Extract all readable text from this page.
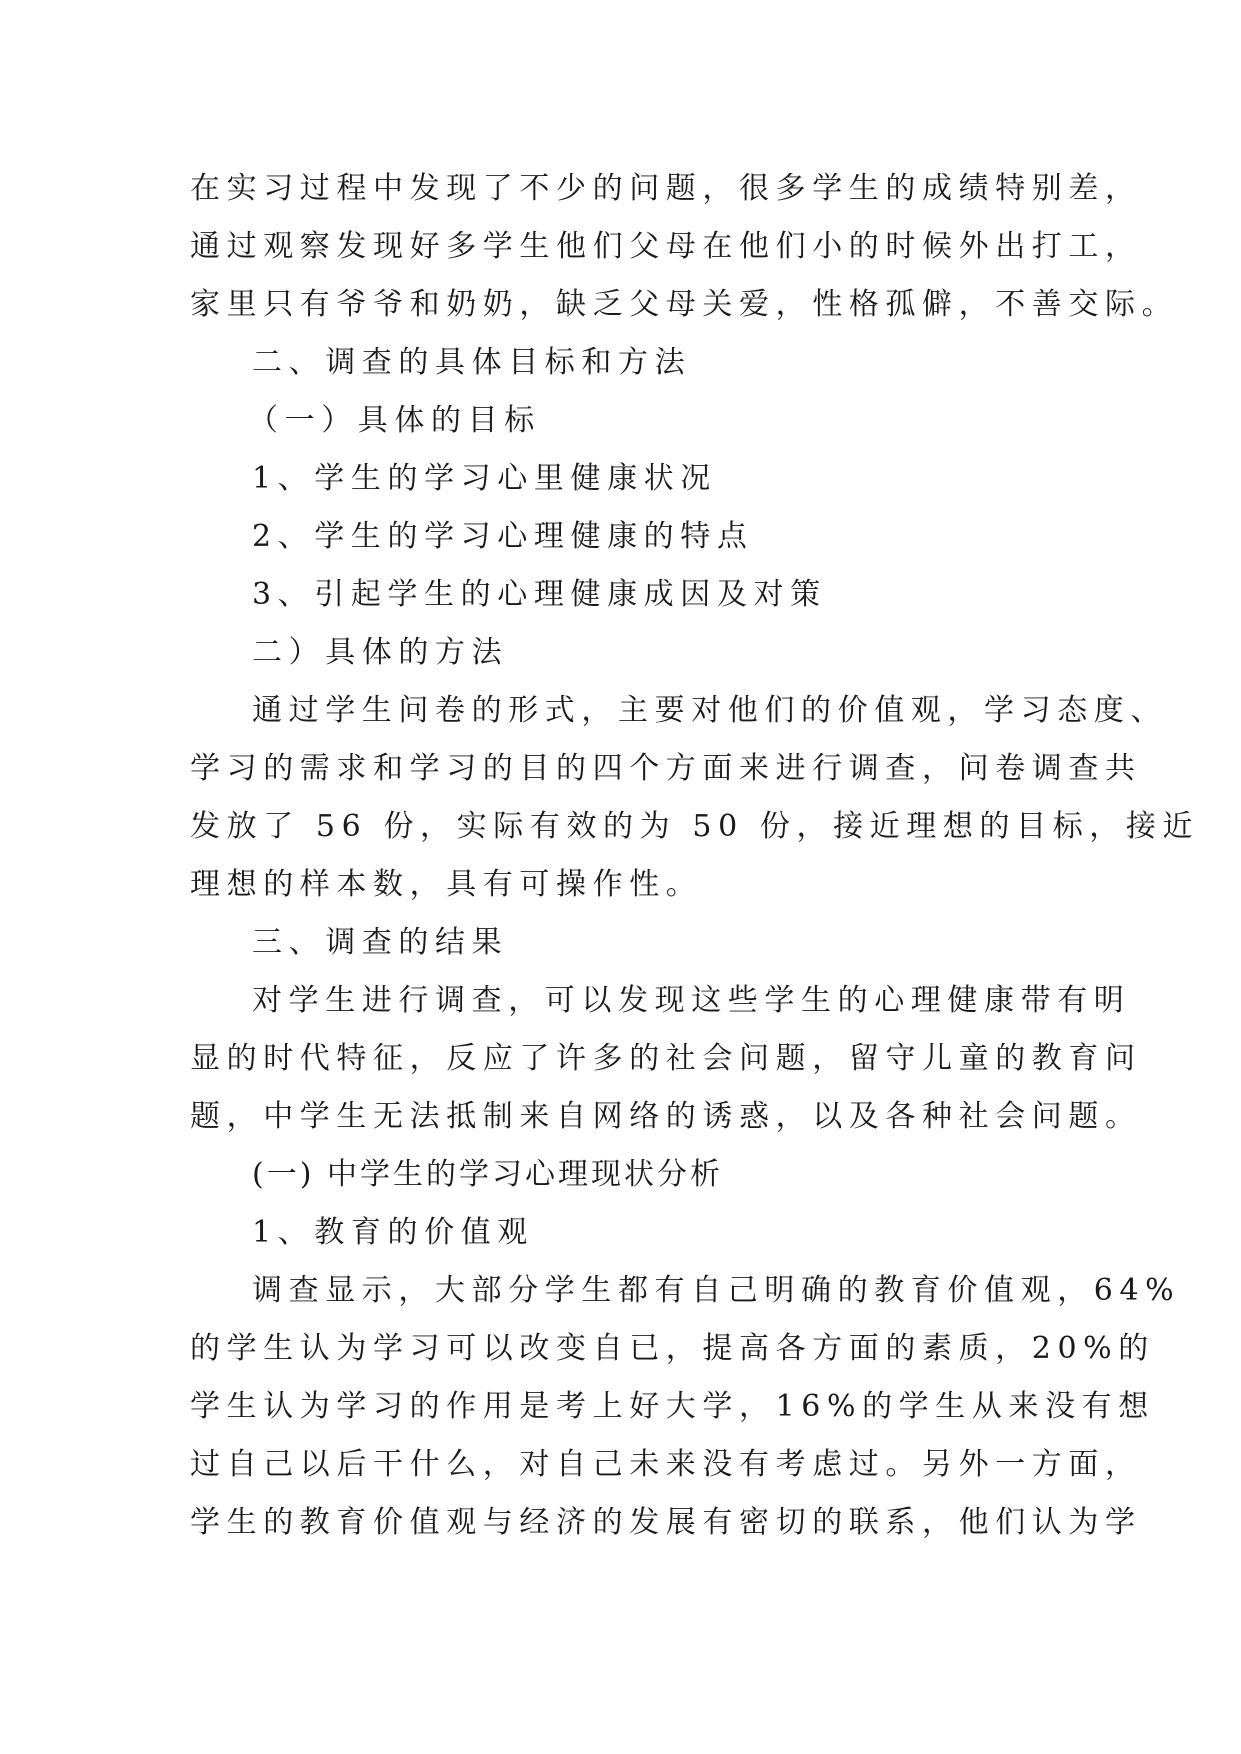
在实习过程中发现了不少的问题，很多学生的成绩特别差，
通过观察发现好多学生他们父母在他们小的时候外出打工，
家里只有爷爷和奶奶，缺乏父母关爱，性格孤僻，不善交际。
二、调查的具体目标和方法
（一）具体的目标
1、学生的学习心里健康状况
2、学生的学习心理健康的特点
3、引起学生的心理健康成因及对策
二）具体的方法
通过学生问卷的形式，主要对他们的价值观，学习态度、
学习的需求和学习的目的四个方面来进行调查，问卷调查共
发放了 56 份，实际有效的为 50 份，接近理想的目标，接近
理想的样本数，具有可操作性。
三、调查的结果
对学生进行调查，可以发现这些学生的心理健康带有明
显的时代特征，反应了许多的社会问题，留守儿童的教育问
题，中学生无法抵制来自网络的诱惑，以及各种社会问题。
(一) 中学生的学习心理现状分析
1、教育的价值观
调查显示，大部分学生都有自己明确的教育价值观，64%
的学生认为学习可以改变自已，提高各方面的素质，20%的
学生认为学习的作用是考上好大学，16%的学生从来没有想
过自己以后干什么，对自己未来没有考虑过。另外一方面，
学生的教育价值观与经济的发展有密切的联系，他们认为学
